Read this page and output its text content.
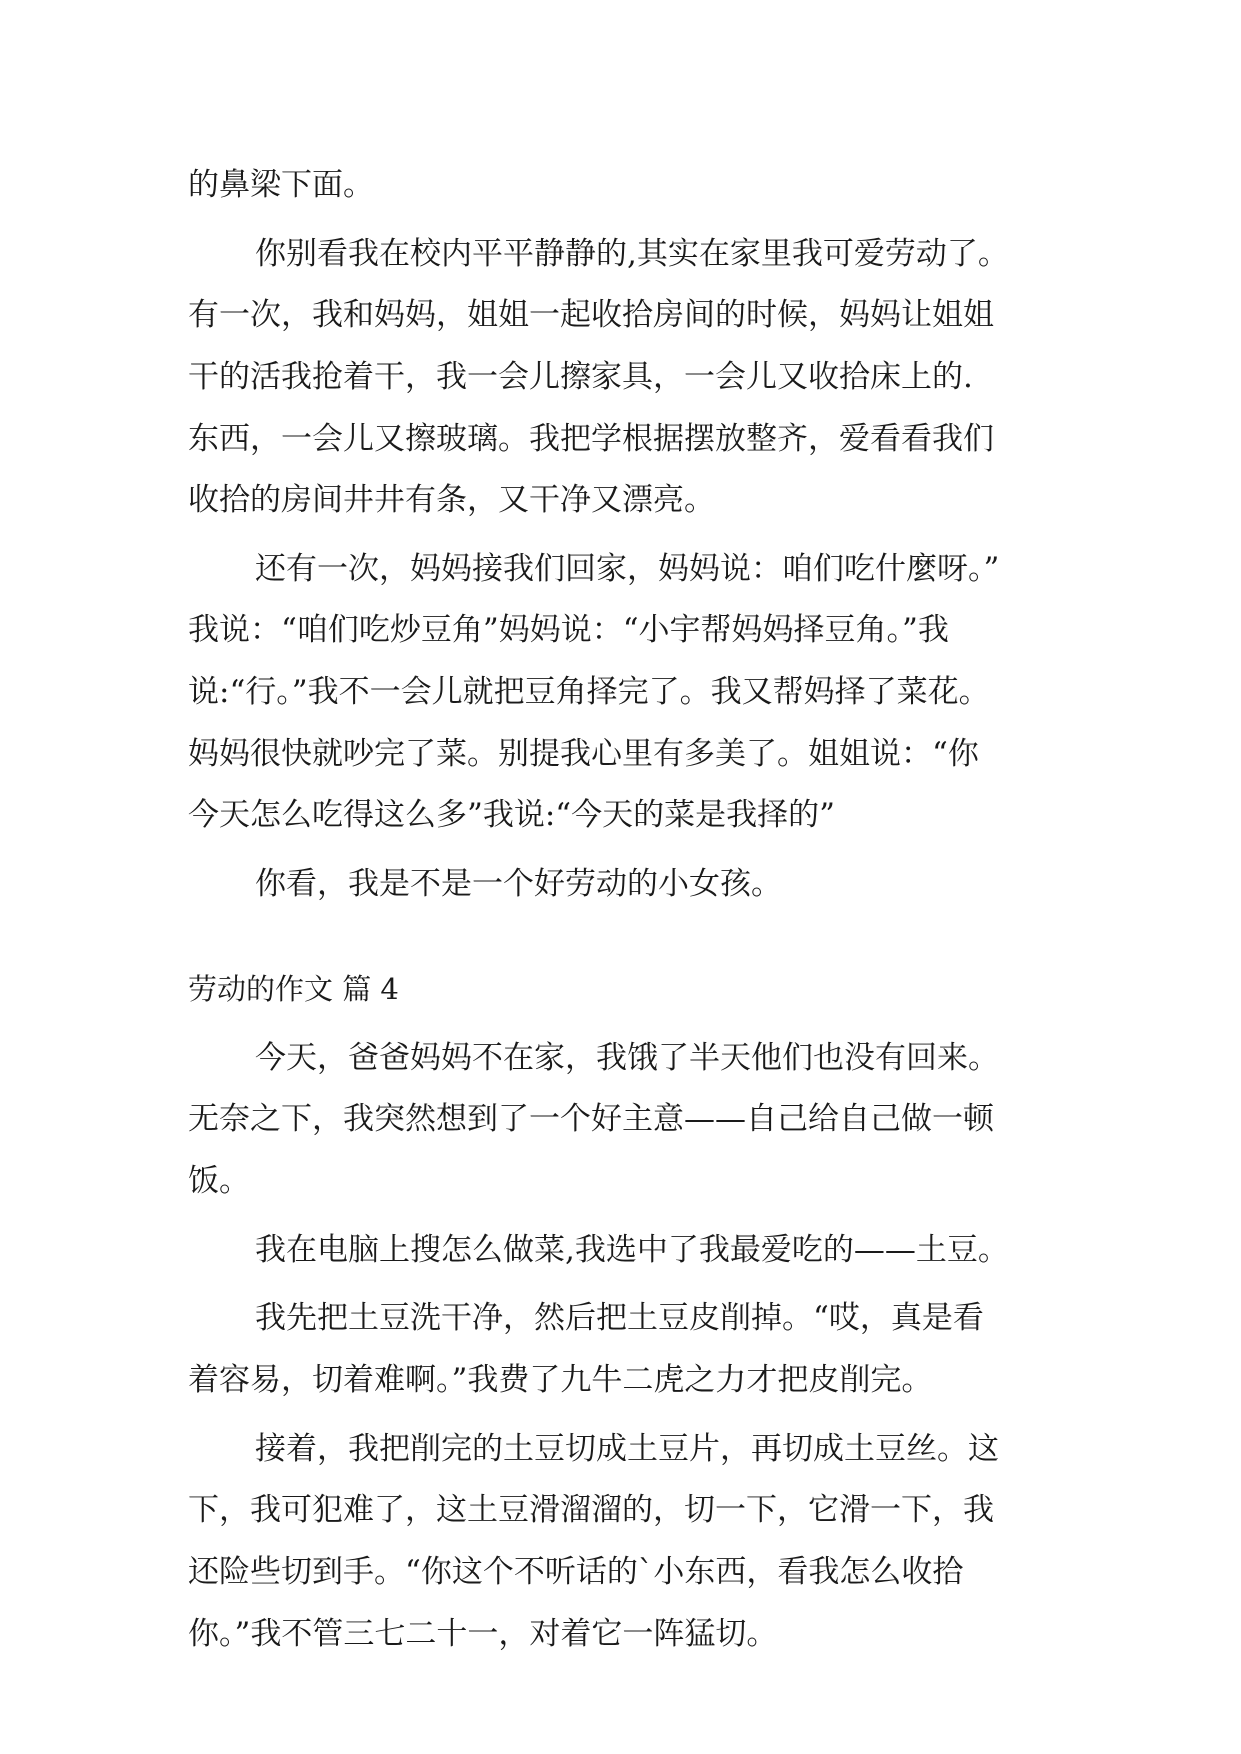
的鼻梁下面。
你别看我在校内平平静静的,其实在家里我可爱劳动了。
有一次，我和妈妈，姐姐一起收拾房间的时候，妈妈让姐姐
干的活我抢着干，我一会儿擦家具，一会儿又收拾床上的.
东西，一会儿又擦玻璃。我把学根据摆放整齐，爱看看我们
收拾的房间井井有条，又干净又漂亮。
还有一次，妈妈接我们回家，妈妈说：咱们吃什麼呀。”
我说：“咱们吃炒豆角”妈妈说：“小宇帮妈妈择豆角。”我
说:“行。”我不一会儿就把豆角择完了。我又帮妈择了菜花。
妈妈很快就吵完了菜。别提我心里有多美了。姐姐说：“你
今天怎么吃得这么多”我说:“今天的菜是我择的”
你看，我是不是一个好劳动的小女孩。
劳动的作文 篇 4
今天，爸爸妈妈不在家，我饿了半天他们也没有回来。
无奈之下，我突然想到了一个好主意——自己给自己做一顿
饭。
我在电脑上搜怎么做菜,我选中了我最爱吃的——土豆。
我先把土豆洗干净，然后把土豆皮削掉。“哎，真是看
着容易，切着难啊。”我费了九牛二虎之力才把皮削完。
接着，我把削完的土豆切成土豆片，再切成土豆丝。这
下，我可犯难了，这土豆滑溜溜的，切一下，它滑一下，我
还险些切到手。“你这个不听话的`小东西，看我怎么收拾
你。”我不管三七二十一，对着它一阵猛切。
